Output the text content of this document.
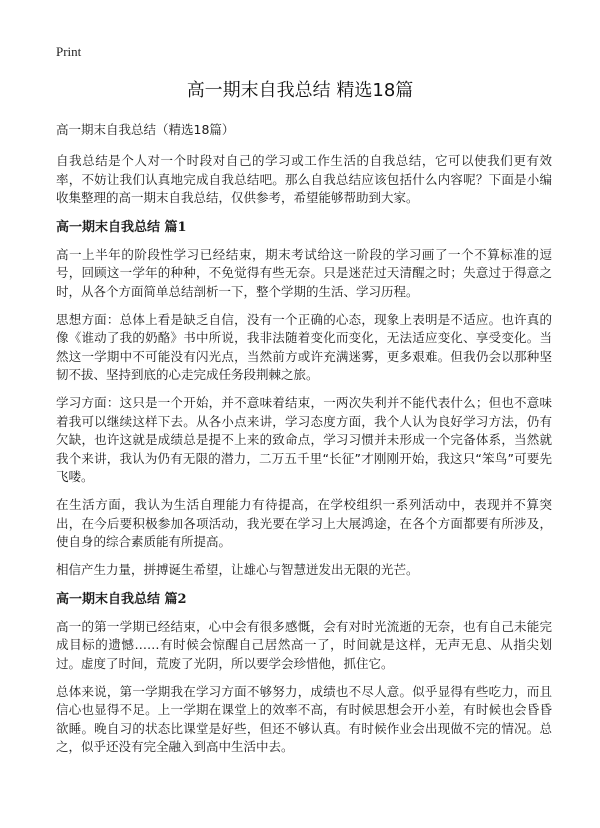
Print
高一期末自我总结 精选18篇
高一期末自我总结（精选18篇）

自我总结是个人对一个时段对自己的学习或工作生活的自我总结，它可以使我们更有效率，不妨让我们认真地完成自我总结吧。那么自我总结应该包括什么内容呢？下面是小编收集整理的高一期末自我总结，仅供参考，希望能够帮助到大家。

高一期末自我总结 篇1

高一上半年的阶段性学习已经结束，期末考试给这一阶段的学习画了一个不算标准的逗号，回顾这一学年的种种，不免觉得有些无奈。只是迷茫过天清醒之时；失意过于得意之时，从各个方面简单总结剖析一下，整个学期的生活、学习历程。

思想方面：总体上看是缺乏自信，没有一个正确的心态，现象上表明是不适应。也许真的像《谁动了我的奶酪》书中所说，我非法随着变化而变化，无法适应变化、享受变化。当然这一学期中不可能没有闪光点，当然前方或许充满迷雾，更多艰难。但我仍会以那种坚韧不拔、坚持到底的心走完成任务段荆棘之旅。

学习方面：这只是一个开始，并不意味着结束，一两次失利并不能代表什么；但也不意味着我可以继续这样下去。从各小点来讲，学习态度方面，我个人认为良好学习方法，仍有欠缺，也许这就是成绩总是提不上来的致命点，学习习惯并未形成一个完备体系，当然就我个来讲，我认为仍有无限的潜力，二万五千里“长征”才刚刚开始，我这只“笨鸟”可要先飞喽。

在生活方面，我认为生活自理能力有待提高，在学校组织一系列活动中，表现并不算突出，在今后要积极参加各项活动，我光要在学习上大展鸿途，在各个方面都要有所涉及，使自身的综合素质能有所提高。

相信产生力量，拼搏诞生希望，让雄心与智慧迸发出无限的光芒。

高一期末自我总结 篇2

高一的第一学期已经结束，心中会有很多感慨，会有对时光流逝的无奈，也有自己未能完成目标的遗憾……有时候会惊醒自己居然高一了，时间就是这样，无声无息、从指尖划过。虚度了时间，荒废了光阴，所以要学会珍惜他，抓住它。

总体来说，第一学期我在学习方面不够努力，成绩也不尽人意。似乎显得有些吃力，而且信心也显得不足。上一学期在课堂上的效率不高，有时候思想会开小差，有时候也会昏昏欲睡。晚自习的状态比课堂是好些，但还不够认真。有时候作业会出现做不完的情况。总之，似乎还没有完全融入到高中生活中去。
